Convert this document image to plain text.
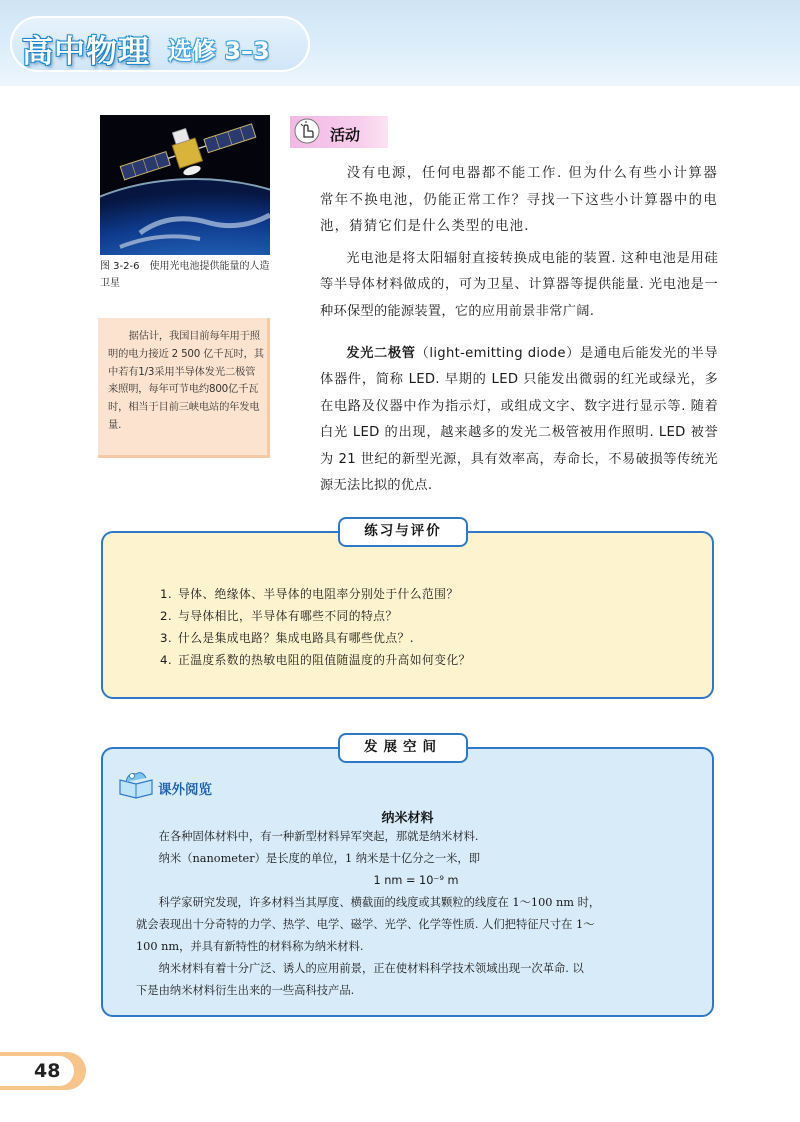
高中物理 选修 3–3
图 3-2-6　使用光电池提供能量的人造卫星
据估计，我国目前每年用于照明的电力接近 2 500 亿千瓦时，其中若有1/3采用半导体发光二极管来照明，每年可节电约800亿千瓦时，相当于目前三峡电站的年发电量.
活动
没有电源，任何电器都不能工作. 但为什么有些小计算器常年不换电池，仍能正常工作？寻找一下这些小计算器中的电池，猜猜它们是什么类型的电池.
光电池是将太阳辐射直接转换成电能的装置. 这种电池是用硅等半导体材料做成的，可为卫星、计算器等提供能量. 光电池是一种环保型的能源装置，它的应用前景非常广阔.
发光二极管（light-emitting diode）是通电后能发光的半导体器件，简称 LED. 早期的 LED 只能发出微弱的红光或绿光，多在电路及仪器中作为指示灯，或组成文字、数字进行显示等. 随着白光 LED 的出现，越来越多的发光二极管被用作照明. LED 被誉为 21 世纪的新型光源，具有效率高，寿命长，不易破损等传统光源无法比拟的优点.
练习与评价
1. 导体、绝缘体、半导体的电阻率分别处于什么范围？
2. 与导体相比，半导体有哪些不同的特点？
3. 什么是集成电路？集成电路具有哪些优点？.
4. 正温度系数的热敏电阻的阻值随温度的升高如何变化？
发展空间
课外阅览
纳米材料
在各种固体材料中，有一种新型材料异军突起，那就是纳米材料.
纳米（nanometer）是长度的单位，1 纳米是十亿分之一米，即
1 nm = 10⁻⁹ m
科学家研究发现，许多材料当其厚度、横截面的线度或其颗粒的线度在 1～100 nm 时，
就会表现出十分奇特的力学、热学、电学、磁学、光学、化学等性质. 人们把特征尺寸在 1～
100 nm，并具有新特性的材料称为纳米材料.
纳米材料有着十分广泛、诱人的应用前景，正在使材料科学技术领域出现一次革命. 以
下是由纳米材料衍生出来的一些高科技产品.
48
